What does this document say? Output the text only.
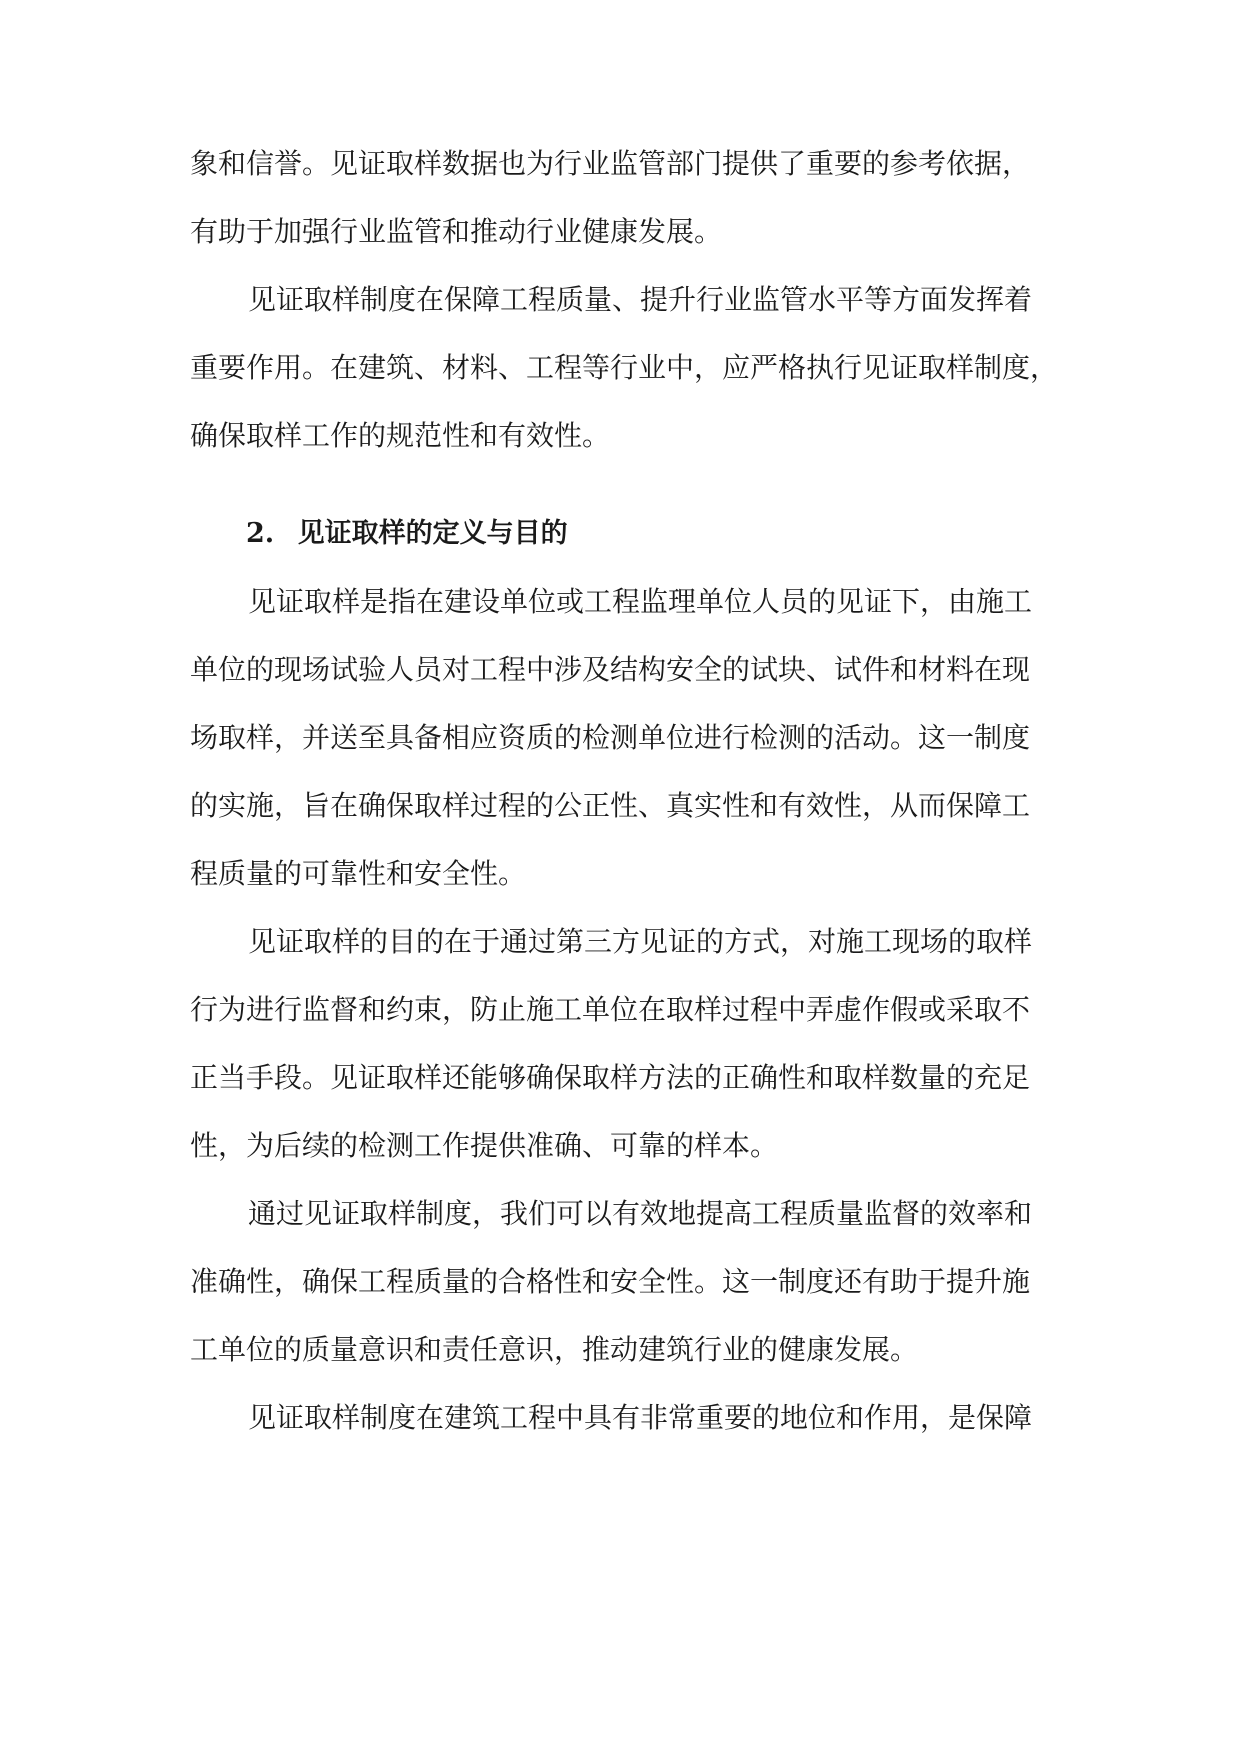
象和信誉。见证取样数据也为行业监管部门提供了重要的参考依据，
有助于加强行业监管和推动行业健康发展。
见证取样制度在保障工程质量、提升行业监管水平等方面发挥着
重要作用。在建筑、材料、工程等行业中，应严格执行见证取样制度，
确保取样工作的规范性和有效性。
2. 见证取样的定义与目的
见证取样是指在建设单位或工程监理单位人员的见证下，由施工
单位的现场试验人员对工程中涉及结构安全的试块、试件和材料在现
场取样，并送至具备相应资质的检测单位进行检测的活动。这一制度
的实施，旨在确保取样过程的公正性、真实性和有效性，从而保障工
程质量的可靠性和安全性。
见证取样的目的在于通过第三方见证的方式，对施工现场的取样
行为进行监督和约束，防止施工单位在取样过程中弄虚作假或采取不
正当手段。见证取样还能够确保取样方法的正确性和取样数量的充足
性，为后续的检测工作提供准确、可靠的样本。
通过见证取样制度，我们可以有效地提高工程质量监督的效率和
准确性，确保工程质量的合格性和安全性。这一制度还有助于提升施
工单位的质量意识和责任意识，推动建筑行业的健康发展。
见证取样制度在建筑工程中具有非常重要的地位和作用，是保障
